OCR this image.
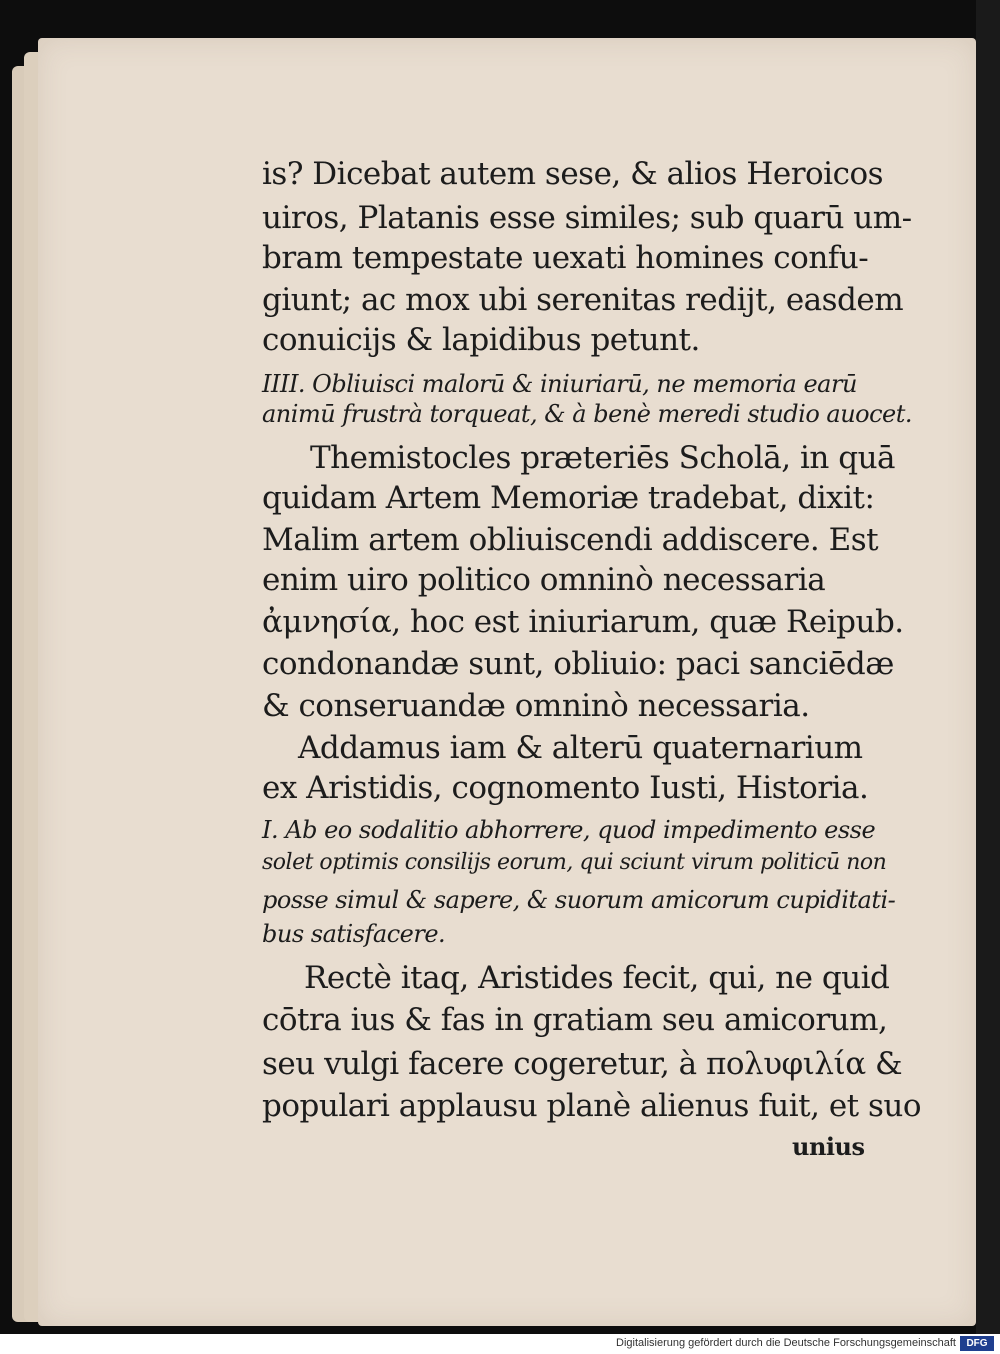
is? Dicebat autem sese, & alios Heroicos
uiros, Platanis esse similes; sub quarū um-
bram tempestate uexati homines confu-
giunt; ac mox ubi serenitas redijt, easdem
conuicijs & lapidibus petunt.
IIII. Obliuisci malorū & iniuriarū, ne memoria earū
animū frustrà torqueat, & à benè meredi studio auocet.
Themistocles præteriēs Scholā, in quā
quidam Artem Memoriæ tradebat, dixit:
Malim artem obliuiscendi addiscere. Est
enim uiro politico omninò necessaria
ἀμνησία, hoc est iniuriarum, quæ Reipub.
condonandæ sunt, obliuio: paci sanciēdæ
& conseruandæ omninò necessaria.
Addamus iam & alterū quaternarium
ex Aristidis, cognomento Iusti, Historia.
I. Ab eo sodalitio abhorrere, quod impedimento esse
solet optimis consilijs eorum, qui sciunt virum politicū non
posse simul & sapere, & suorum amicorum cupiditati-
bus satisfacere.
Rectè itaq, Aristides fecit, qui, ne quid
cōtra ius & fas in gratiam seu amicorum,
seu vulgi facere cogeretur, à πολυφιλία &
populari applausu planè alienus fuit, et suo
unius
Digitalisierung gefördert durch die Deutsche Forschungsgemeinschaft	DFG
